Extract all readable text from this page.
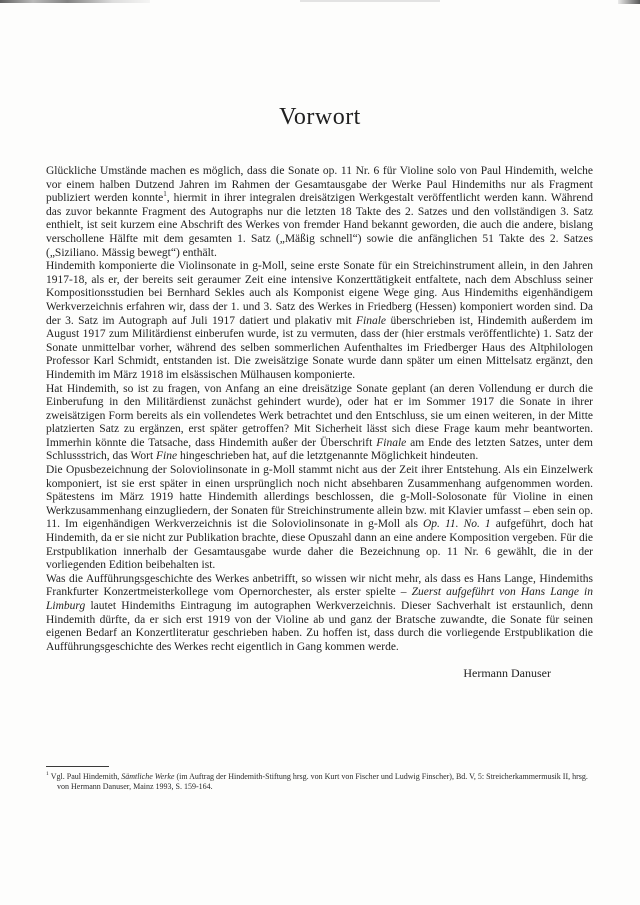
Vorwort

Glückliche Umstände machen es möglich, dass die Sonate op. 11 Nr. 6 für Violine solo von Paul Hindemith, welche vor einem halben Dutzend Jahren im Rahmen der Gesamtausgabe der Werke Paul Hindemiths nur als Fragment publiziert werden konnte$^1$, hiermit in ihrer integralen dreisätzigen Werkgestalt veröffentlicht werden kann. Während das zuvor bekannte Fragment des Autographs nur die letzten 18 Takte des 2. Satzes und den vollständigen 3. Satz enthielt, ist seit kurzem eine Abschrift des Werkes von fremder Hand bekannt geworden, die auch die andere, bislang verschollene Hälfte mit dem gesamten 1. Satz („Mäßig schnell“) sowie die anfänglichen 51 Takte des 2. Satzes („Siziliano. Mässig bewegt“) enthält.

Hindemith komponierte die Violinsonate in g-Moll, seine erste Sonate für ein Streichinstrument allein, in den Jahren 1917-18, als er, der bereits seit geraumer Zeit eine intensive Konzerttätigkeit entfaltete, nach dem Abschluss seiner Kompositionsstudien bei Bernhard Sekles auch als Komponist eigene Wege ging. Aus Hindemiths eigenhändigem Werkverzeichnis erfahren wir, dass der 1. und 3. Satz des Werkes in Friedberg (Hessen) komponiert worden sind. Da der 3. Satz im Autograph auf Juli 1917 datiert und plakativ mit Finale überschrieben ist, Hindemith außerdem im August 1917 zum Militärdienst einberufen wurde, ist zu vermuten, dass der (hier erstmals veröffentlichte) 1. Satz der Sonate unmittelbar vorher, während des selben sommerlichen Aufenthaltes im Friedberger Haus des Altphilologen Professor Karl Schmidt, entstanden ist. Die zweisätzige Sonate wurde dann später um einen Mittelsatz ergänzt, den Hindemith im März 1918 im elsässischen Mülhausen komponierte.

Hat Hindemith, so ist zu fragen, von Anfang an eine dreisätzige Sonate geplant (an deren Vollendung er durch die Einberufung in den Militärdienst zunächst gehindert wurde), oder hat er im Sommer 1917 die Sonate in ihrer zweisätzigen Form bereits als ein vollendetes Werk betrachtet und den Entschluss, sie um einen weiteren, in der Mitte platzierten Satz zu ergänzen, erst später getroffen? Mit Sicherheit lässt sich diese Frage kaum mehr beantworten. Immerhin könnte die Tatsache, dass Hindemith außer der Überschrift Finale am Ende des letzten Satzes, unter dem Schlussstrich, das Wort Fine hingeschrieben hat, auf die letztgenannte Möglichkeit hindeuten.

Die Opusbezeichnung der Soloviolinsonate in g-Moll stammt nicht aus der Zeit ihrer Entstehung. Als ein Einzelwerk komponiert, ist sie erst später in einen ursprünglich noch nicht absehbaren Zusammenhang aufgenommen worden. Spätestens im März 1919 hatte Hindemith allerdings beschlossen, die g-Moll-Solosonate für Violine in einen Werkzusammenhang einzugliedern, der Sonaten für Streichinstrumente allein bzw. mit Klavier umfasst – eben sein op. 11. Im eigenhändigen Werkverzeichnis ist die Soloviolinsonate in g-Moll als Op. 11. No. 1 aufgeführt, doch hat Hindemith, da er sie nicht zur Publikation brachte, diese Opuszahl dann an eine andere Komposition vergeben. Für die Erstpublikation innerhalb der Gesamtausgabe wurde daher die Bezeichnung op. 11 Nr. 6 gewählt, die in der vorliegenden Edition beibehalten ist.

Was die Aufführungsgeschichte des Werkes anbetrifft, so wissen wir nicht mehr, als dass es Hans Lange, Hindemiths Frankfurter Konzertmeisterkollege vom Opernorchester, als erster spielte – Zuerst aufgeführt von Hans Lange in Limburg lautet Hindemiths Eintragung im autographen Werkverzeichnis. Dieser Sachverhalt ist erstaunlich, denn Hindemith dürfte, da er sich erst 1919 von der Violine ab und ganz der Bratsche zuwandte, die Sonate für seinen eigenen Bedarf an Konzertliteratur geschrieben haben. Zu hoffen ist, dass durch die vorliegende Erstpublikation die Aufführungsgeschichte des Werkes recht eigentlich in Gang kommen werde.

Hermann Danuser
$^1$ Vgl. Paul Hindemith, Sämtliche Werke (im Auftrag der Hindemith-Stiftung hrsg. von Kurt von Fischer und Ludwig Finscher), Bd. V, 5: Streicherkammermusik II, hrsg. von Hermann Danuser, Mainz 1993, S. 159-164.
